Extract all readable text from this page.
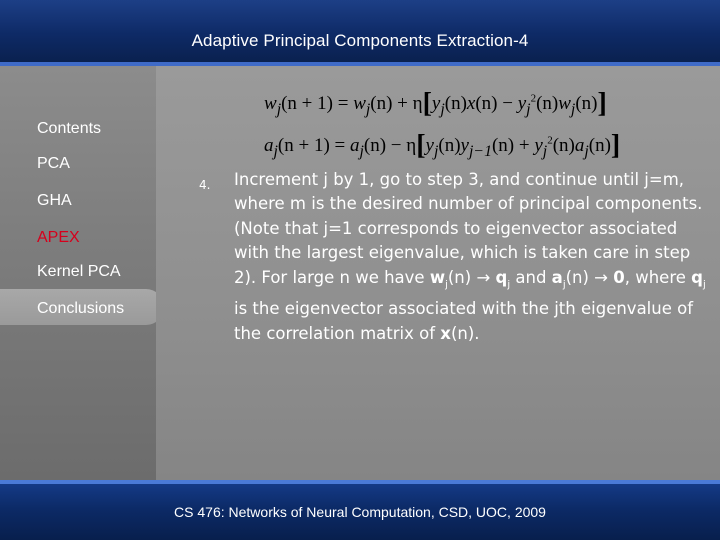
Adaptive Principal Components Extraction-4
Contents
PCA
GHA
APEX
Kernel PCA
Conclusions
$w_j(n + 1) = w_j(n) + \eta[y_j(n)x(n) - y_j^2(n)w_j(n)]$
$a_j(n + 1) = a_j(n) - \eta[y_j(n)y_{j-1}(n) + y_j^2(n)a_j(n)]$
4. Increment j by 1, go to step 3, and continue until j=m, where m is the desired number of principal components. (Note that j=1 corresponds to eigenvector associated with the largest eigenvalue, which is taken care in step 2). For large n we have $w_j(n) \to q_j$ and $a_j(n) \to 0$, where $q_j$ is the eigenvector associated with the jth eigenvalue of the correlation matrix of x(n).
CS 476: Networks of Neural Computation, CSD, UOC, 2009
